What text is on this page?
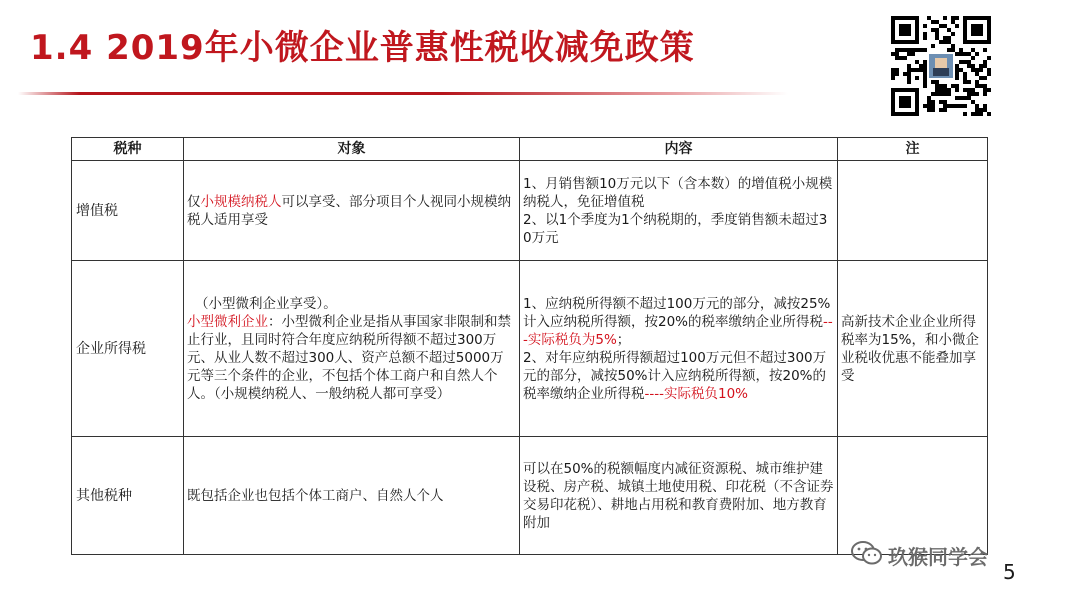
1.4 2019年小微企业普惠性税收减免政策
税种	对象	内容	注
增值税	仅小规模纳税人可以享受、部分项目个人视同小规模纳税人适用享受	1、月销售额10万元以下（含本数）的增值税小规模纳税人，免征增值税
2、以1个季度为1个纳税期的，季度销售额未超过30万元	

企业所得税	（小型微利企业享受）。
小型微利企业：小型微利企业是指从事国家非限制和禁止行业，且同时符合年度应纳税所得额不超过300万元、从业人数不超过300人、资产总额不超过5000万元等三个条件的企业，不包括个体工商户和自然人个人。（小规模纳税人、一般纳税人都可享受）	1、应纳税所得额不超过100万元的部分，减按25%计入应纳税所得额，按20%的税率缴纳企业所得税---实际税负为5%；
2、对年应纳税所得额超过100万元但不超过300万元的部分，减按50%计入应纳税所得额，按20%的税率缴纳企业所得税----实际税负10%	高新技术企业企业所得税率为15%，和小微企业税收优惠不能叠加享受
其他税种	既包括企业也包括个体工商户、自然人个人	可以在50%的税额幅度内减征资源税、城市维护建设税、房产税、城镇土地使用税、印花税（不含证券交易印花税）、耕地占用税和教育费附加、地方教育附加	
玖猴同学会
5
